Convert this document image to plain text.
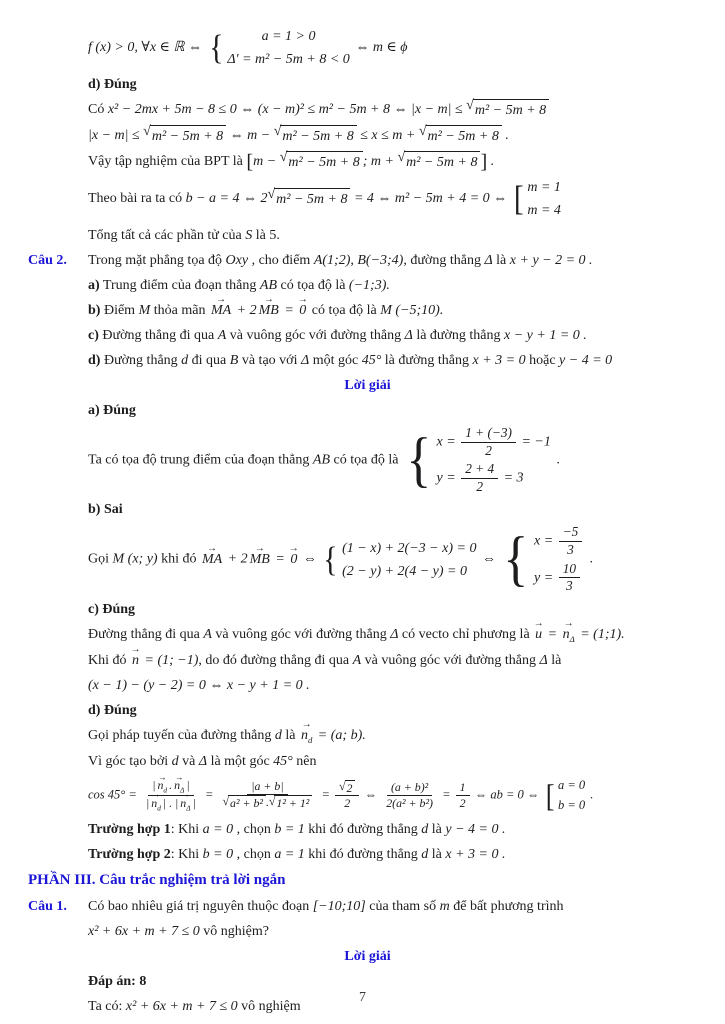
f (x) > 0, ∀x ∈ ℝ ⇔ {	a = 1 > 0
Δ′ = m² − 5m + 8 < 0
⇔ m ∈ ϕ
d) Đúng
Có x² − 2mx + 5m − 8 ≤ 0 ⇔ (x − m)² ≤ m² − 5m + 8 ⇔ |x − m| ≤ √ m² − 5m + 8
|x − m| ≤ √ m² − 5m + 8 ⇔ m − √ m² − 5m + 8 ≤ x ≤ m + √ m² − 5m + 8 .
Vậy tập nghiệm của BPT là [m − √ m² − 5m + 8 ; m + √ m² − 5m + 8 ] .
Theo bài ra ta có b − a = 4 ⇔ 2 √ m² − 5m + 8 = 4 ⇔ m² − 5m + 4 = 0 ⇔ [ m = 1
m = 4
Tổng tất cả các phần tử của S là 5.
Câu 2.	Trong mặt phẳng tọa độ Oxy , cho điểm A(1;2), B(−3;4), đường thẳng Δ là x + y − 2 = 0 .
a) Trung điểm của đoạn thẳng AB có tọa độ là (−1;3).
b) Điểm M thỏa mãn MA → + 2 MB → = 0 → có tọa độ là M (−5;10).
c) Đường thẳng đi qua A và vuông góc với đường thẳng Δ là đường thẳng x − y + 1 = 0 .
d) Đường thẳng d đi qua B và tạo với Δ một góc 45° là đường thẳng x + 3 = 0 hoặc y − 4 = 0
Lời giải
a) Đúng
Ta có tọa độ trung điểm của đoạn thẳng AB có tọa độ là { $x = \frac{1 + (-3)}{2} = -1$
$y = \frac{2 + 4}{2} = 3$
.
b) Sai
Gọi M (x; y) khi đó MA → + 2 MB → = 0 → ⇔ { (1 − x) + 2(−3 − x) = 0
(2 − y) + 2(4 − y) = 0
⇔ { $x = \frac{-5}{3}$
$y = \frac{10}{3}$
.
c) Đúng
Đường thẳng đi qua A và vuông góc với đường thẳng Δ có vecto chỉ phương là u → = $n_\Delta$ → = (1;1).
Khi đó n → = (1; −1), do đó đường thẳng đi qua A và vuông góc với đường thẳng Δ là
(x − 1) − (y − 2) = 0 ⇔ x − y + 1 = 0 .
d) Đúng
Gọi pháp tuyến của đường thẳng d là $n_d$ → = (a; b).
Vì góc tạo bởi d và Δ là một góc 45° nên
$\cos 45^\circ = \frac{| n_d \to . n_\Delta \to |}{| n_d \to | . | n_\Delta \to |} = \frac{|a + b|}{\text{√ a² + b² . √ 1² + 1²}} = \frac{√ 2}{2}$ ⇔ $\frac{\text{(a + b)²}}{\text{2(a² + b²)}} = \frac{1}{2}$ ⇔ ab = 0 ⇔ [ a = 0
b = 0
.
Trường hợp 1: Khi a = 0 , chọn b = 1 khi đó đường thẳng d là y − 4 = 0 .
Trường hợp 2: Khi b = 0 , chọn a = 1 khi đó đường thẳng d là x + 3 = 0 .
PHẦN III. Câu trắc nghiệm trả lời ngắn
Câu 1.	Có bao nhiêu giá trị nguyên thuộc đoạn [−10;10] của tham số m để bất phương trình
x² + 6x + m + 7 ≤ 0 vô nghiệm?
Lời giải
Đáp án: 8
Ta có: x² + 6x + m + 7 ≤ 0 vô nghiệm
7
